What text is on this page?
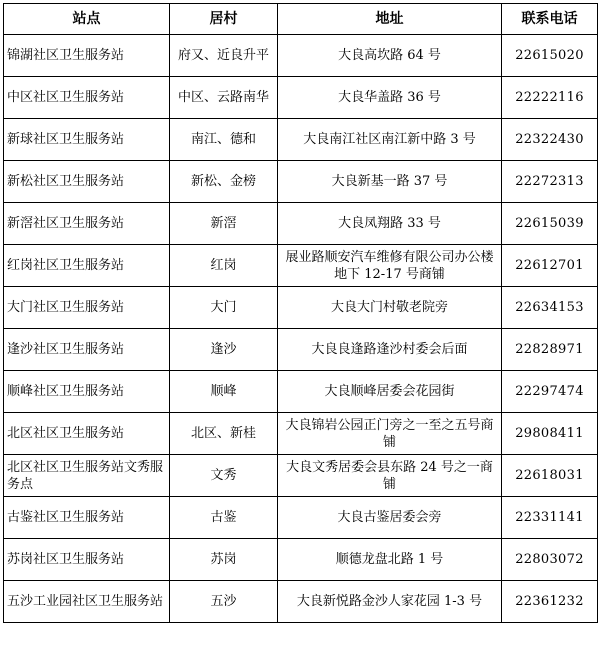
站点	居村	地址	联系电话
锦湖社区卫生服务站	府又、近良升平	大良高坎路 64 号	22615020
中区社区卫生服务站	中区、云路南华	大良华盖路 36 号	22222116
新球社区卫生服务站	南江、德和	大良南江社区南江新中路 3 号	22322430
新松社区卫生服务站	新松、金榜	大良新基一路 37 号	22272313
新滘社区卫生服务站	新滘	大良凤翔路 33 号	22615039
红岗社区卫生服务站	红岗	展业路顺安汽车维修有限公司办公楼地下 12-17 号商铺	22612701
大门社区卫生服务站	大门	大良大门村敬老院旁	22634153
逢沙社区卫生服务站	逢沙	大良良逢路逢沙村委会后面	22828971
顺峰社区卫生服务站	顺峰	大良顺峰居委会花园街	22297474
北区社区卫生服务站	北区、新桂	大良锦岩公园正门旁之一至之五号商铺	29808411
北区社区卫生服务站文秀服务点	文秀	大良文秀居委会县东路 24 号之一商铺	22618031
古鉴社区卫生服务站	古鉴	大良古鉴居委会旁	22331141
苏岗社区卫生服务站	苏岗	顺德龙盘北路 1 号	22803072
五沙工业园社区卫生服务站	五沙	大良新悦路金沙人家花园 1-3 号	22361232
